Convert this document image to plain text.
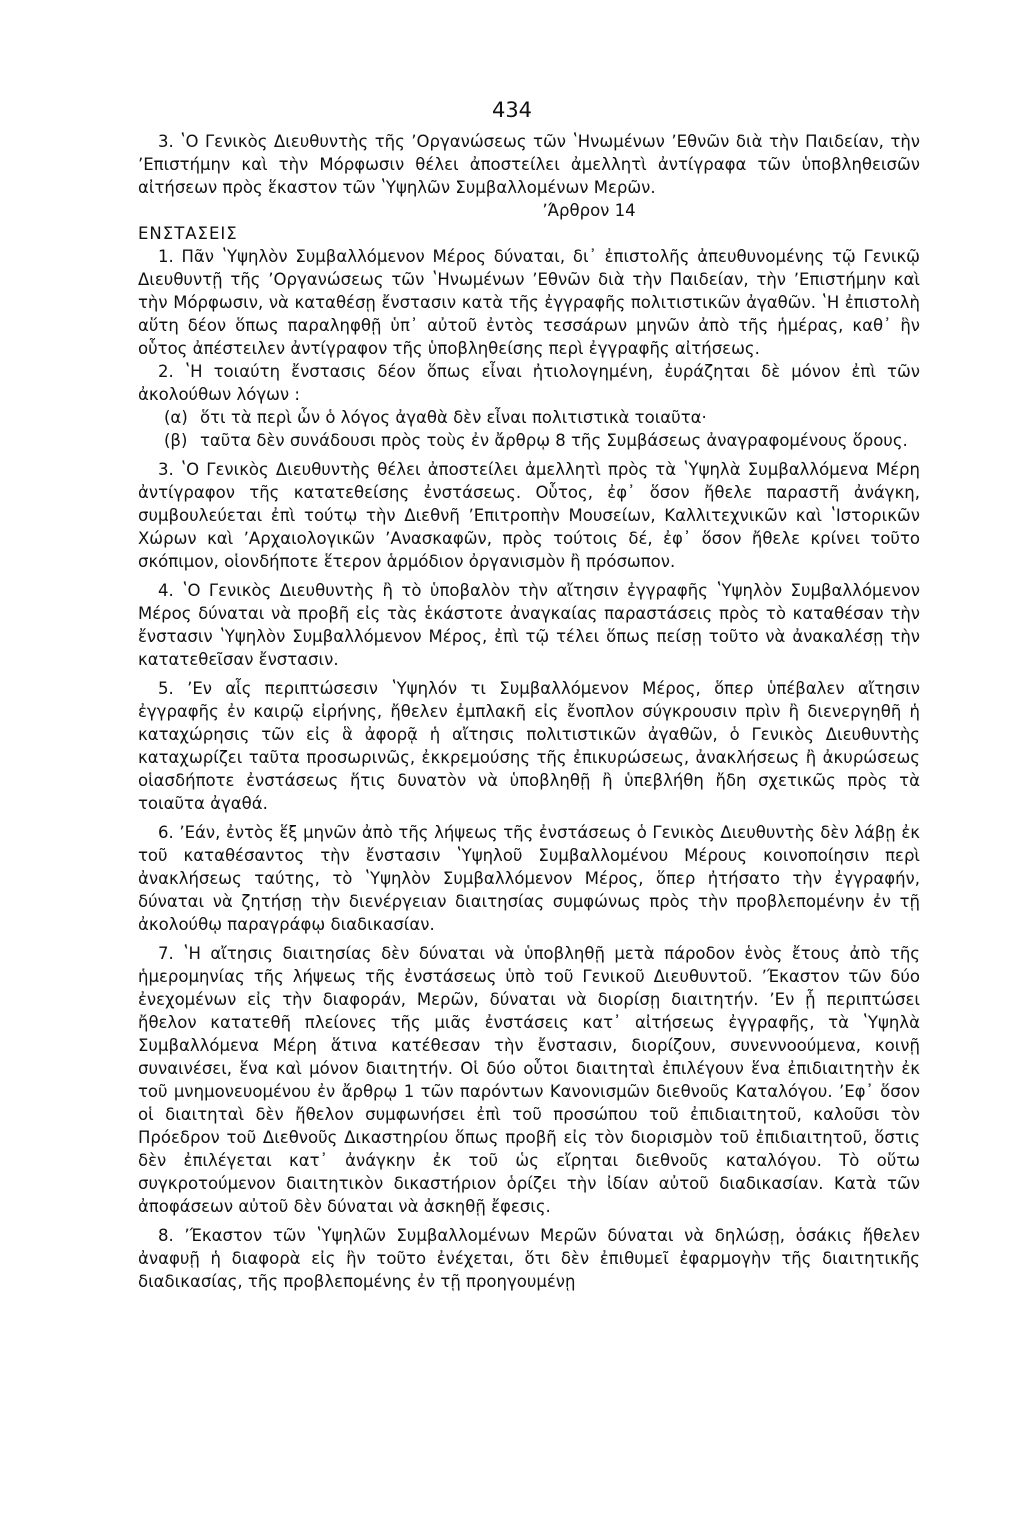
434

3. ʽΟ Γενικὸς Διευθυντὴς τῆς ʼΟργανώσεως τῶν ʽΗνωμένων ʼΕθνῶν διὰ τὴν Παιδείαν, τὴν ʼΕπιστήμην καὶ τὴν Μόρφωσιν θέλει ἀποστείλει ἀμελλητὶ ἀντίγραφα τῶν ὑποβληθεισῶν αἰτήσεων πρὸς ἕκαστον τῶν ʽΥψηλῶν Συμβαλλομένων Μερῶν.

ʼΆρθρον 14

ΕΝΣΤΑΣΕΙΣ

1. Πᾶν ʽΥψηλὸν Συμβαλλόμενον Μέρος δύναται, δι᾿ ἐπιστολῆς ἀπευθυνομένης τῷ Γενικῷ Διευθυντῇ τῆς ʼΟργανώσεως τῶν ʽΗνωμένων ʼΕθνῶν διὰ τὴν Παιδείαν, τὴν ʼΕπιστήμην καὶ τὴν Μόρφωσιν, νὰ καταθέσῃ ἔνστασιν κατὰ τῆς ἐγγραφῆς πολιτιστικῶν ἀγαθῶν. ʽΗ ἐπιστολὴ αὕτη δέον ὅπως παραληφθῇ ὑπ᾿ αὐτοῦ ἐντὸς τεσσάρων μηνῶν ἀπὸ τῆς ἡμέρας, καθ᾿ ἣν οὗτος ἀπέστειλεν ἀντίγραφον τῆς ὑποβληθείσης περὶ ἐγγραφῆς αἰτήσεως.

2. ʽΗ τοιαύτη ἔνστασις δέον ὅπως εἶναι ἠτιολογημένη, ἐυράζηται δὲ μόνον ἐπὶ τῶν ἀκολούθων λόγων :

(α) ὅτι τὰ περὶ ὧν ὁ λόγος ἀγαθὰ δὲν εἶναι πολιτιστικὰ τοιαῦτα·
(β) ταῦτα δὲν συνάδουσι πρὸς τοὺς ἐν ἄρθρῳ 8 τῆς Συμβάσεως ἀναγραφομένους ὅρους.

3. ʽΟ Γενικὸς Διευθυντὴς θέλει ἀποστείλει ἀμελλητὶ πρὸς τὰ ʽΥψηλὰ Συμβαλλόμενα Μέρη ἀντίγραφον τῆς κατατεθείσης ἐνστάσεως. Οὗτος, ἐφ᾿ ὅσον ἤθελε παραστῆ ἀνάγκη, συμβουλεύεται ἐπὶ τούτῳ τὴν Διεθνῆ ʼΕπιτροπὴν Μουσείων, Καλλιτεχνικῶν καὶ ʽΙστορικῶν Χώρων καὶ ʼΑρχαιολογικῶν ʼΑνασκαφῶν, πρὸς τούτοις δέ, ἐφ᾿ ὅσον ἤθελε κρίνει τοῦτο σκόπιμον, οἱονδήποτε ἕτερον ἁρμόδιον ὀργανισμὸν ἢ πρόσωπον.

4. ʽΟ Γενικὸς Διευθυντὴς ἢ τὸ ὑποβαλὸν τὴν αἴτησιν ἐγγραφῆς ʽΥψηλὸν Συμβαλλόμενον Μέρος δύναται νὰ προβῆ εἰς τὰς ἑκάστοτε ἀναγκαίας παραστάσεις πρὸς τὸ καταθέσαν τὴν ἔνστασιν ʽΥψηλὸν Συμβαλλόμενον Μέρος, ἐπὶ τῷ τέλει ὅπως πείσῃ τοῦτο νὰ ἀνακαλέσῃ τὴν κατατεθεῖσαν ἔνστασιν.

5. ʼΕν αἷς περιπτώσεσιν ʽΥψηλόν τι Συμβαλλόμενον Μέρος, ὅπερ ὑπέβαλεν αἴτησιν ἐγγραφῆς ἐν καιρῷ εἰρήνης, ἤθελεν ἐμπλακῆ εἰς ἔνοπλον σύγκρουσιν πρὶν ἢ διενεργηθῆ ἡ καταχώρησις τῶν εἰς ἃ ἀφορᾷ ἡ αἴτησις πολιτιστικῶν ἀγαθῶν, ὁ Γενικὸς Διευθυντὴς καταχωρίζει ταῦτα προσωρινῶς, ἐκκρεμούσης τῆς ἐπικυρώσεως, ἀνακλήσεως ἢ ἀκυρώσεως οἱασδήποτε ἐνστάσεως ἥτις δυνατὸν νὰ ὑποβληθῇ ἢ ὑπεβλήθη ἤδη σχετικῶς πρὸς τὰ τοιαῦτα ἀγαθά.

6. ʼΕάν, ἐντὸς ἕξ μηνῶν ἀπὸ τῆς λήψεως τῆς ἐνστάσεως ὁ Γενικὸς Διευθυντὴς δὲν λάβῃ ἐκ τοῦ καταθέσαντος τὴν ἔνστασιν ʽΥψηλοῦ Συμβαλλομένου Μέρους κοινοποίησιν περὶ ἀνακλήσεως ταύτης, τὸ ʽΥψηλὸν Συμβαλλόμενον Μέρος, ὅπερ ἠτήσατο τὴν ἐγγραφήν, δύναται νὰ ζητήσῃ τὴν διενέργειαν διαιτησίας συμφώνως πρὸς τὴν προβλεπομένην ἐν τῇ ἀκολούθῳ παραγράφῳ διαδικασίαν.

7. ʽΗ αἴτησις διαιτησίας δὲν δύναται νὰ ὑποβληθῇ μετὰ πάροδον ἑνὸς ἔτους ἀπὸ τῆς ἡμερομηνίας τῆς λήψεως τῆς ἐνστάσεως ὑπὸ τοῦ Γενικοῦ Διευθυντοῦ. ʼΈκαστον τῶν δύο ἐνεχομένων εἰς τὴν διαφοράν, Μερῶν, δύναται νὰ διορίσῃ διαιτητήν. ʼΕν ᾗ περιπτώσει ἤθελον κατατεθῆ πλείονες τῆς μιᾶς ἐνστάσεις κατ᾿ αἰτήσεως ἐγγραφῆς, τὰ ʽΥψηλὰ Συμβαλλόμενα Μέρη ἅτινα κατέθεσαν τὴν ἔνστασιν, διορίζουν, συνεννοούμενα, κοινῇ συναινέσει, ἕνα καὶ μόνον διαιτητήν. Οἱ δύο οὗτοι διαιτηταὶ ἐπιλέγουν ἕνα ἐπιδιαιτητὴν ἐκ τοῦ μνημονευομένου ἐν ἄρθρῳ 1 τῶν παρόντων Κανονισμῶν διεθνοῦς Καταλόγου. ʼΕφ᾿ ὅσον οἱ διαιτηταὶ δὲν ἤθελον συμφωνήσει ἐπὶ τοῦ προσώπου τοῦ ἐπιδιαιτητοῦ, καλοῦσι τὸν Πρόεδρον τοῦ Διεθνοῦς Δικαστηρίου ὅπως προβῆ εἰς τὸν διορισμὸν τοῦ ἐπιδιαιτητοῦ, ὅστις δὲν ἐπιλέγεται κατ᾿ ἀνάγκην ἐκ τοῦ ὡς εἴρηται διεθνοῦς καταλόγου. Τὸ οὕτω συγκροτούμενον διαιτητικὸν δικαστήριον ὁρίζει τὴν ἰδίαν αὐτοῦ διαδικασίαν. Κατὰ τῶν ἀποφάσεων αὐτοῦ δὲν δύναται νὰ ἀσκηθῇ ἔφεσις.

8. ʼΈκαστον τῶν ʽΥψηλῶν Συμβαλλομένων Μερῶν δύναται νὰ δηλώσῃ, ὁσάκις ἤθελεν ἀναφυῇ ἡ διαφορὰ εἰς ἣν τοῦτο ἐνέχεται, ὅτι δὲν ἐπιθυμεῖ ἐφαρμογὴν τῆς διαιτητικῆς διαδικασίας, τῆς προβλεπομένης ἐν τῇ προηγουμένῃ
